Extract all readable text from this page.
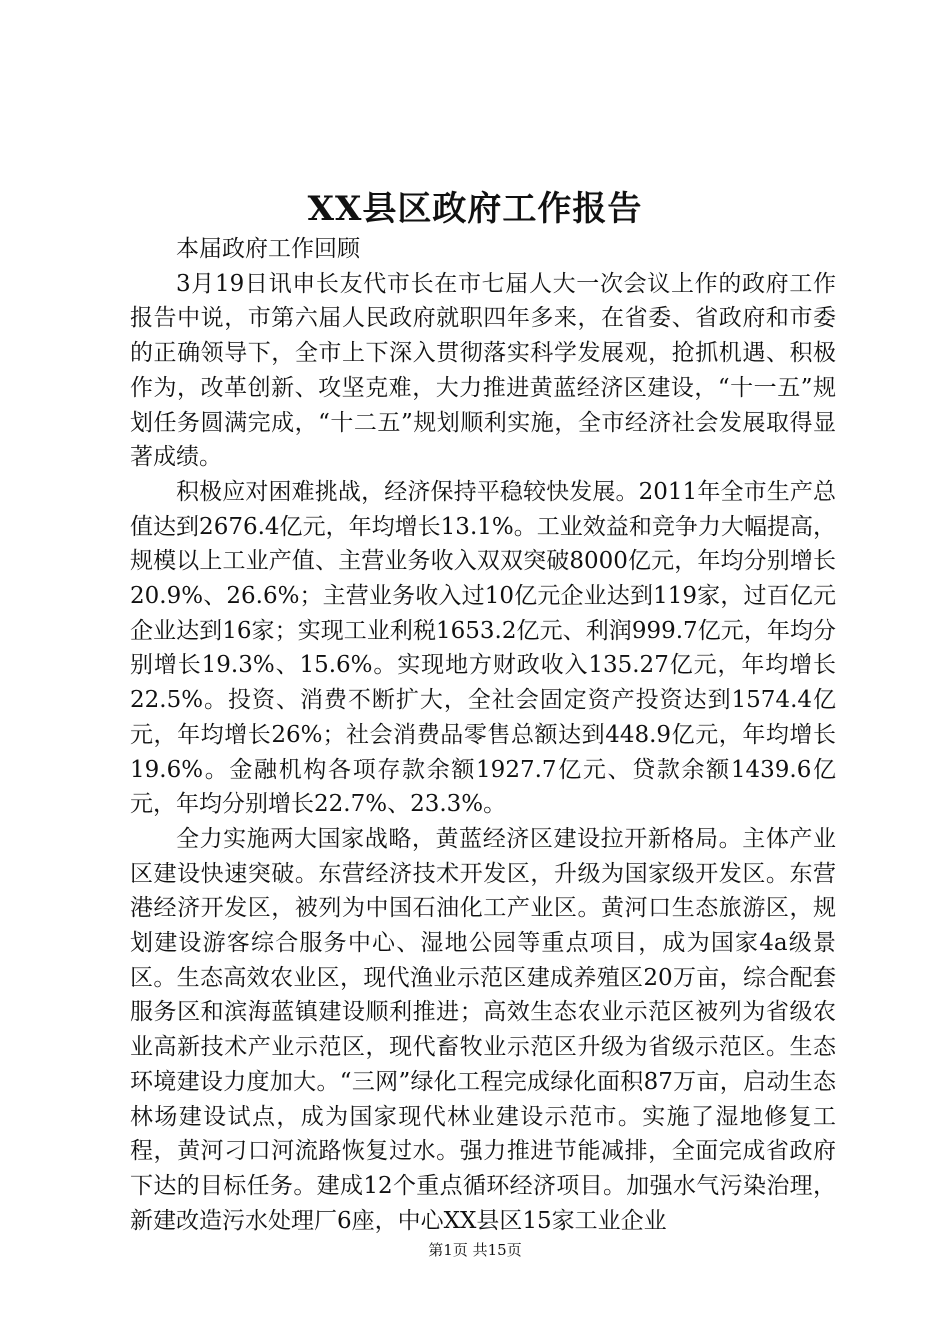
XX县区政府工作报告

本届政府工作回顾

3月19日讯申长友代市长在市七届人大一次会议上作的政府工作报告中说，市第六届人民政府就职四年多来，在省委、省政府和市委的正确领导下，全市上下深入贯彻落实科学发展观，抢抓机遇、积极作为，改革创新、攻坚克难，大力推进黄蓝经济区建设，“十一五”规划任务圆满完成，“十二五”规划顺利实施，全市经济社会发展取得显著成绩。

积极应对困难挑战，经济保持平稳较快发展。2011年全市生产总值达到2676.4亿元，年均增长13.1%。工业效益和竞争力大幅提高，规模以上工业产值、主营业务收入双双突破8000亿元，年均分别增长20.9%、26.6%；主营业务收入过10亿元企业达到119家，过百亿元企业达到16家；实现工业利税1653.2亿元、利润999.7亿元，年均分别增长19.3%、15.6%。实现地方财政收入135.27亿元，年均增长22.5%。投资、消费不断扩大，全社会固定资产投资达到1574.4亿元，年均增长26%；社会消费品零售总额达到448.9亿元，年均增长19.6%。金融机构各项存款余额1927.7亿元、贷款余额1439.6亿元，年均分别增长22.7%、23.3%。

全力实施两大国家战略，黄蓝经济区建设拉开新格局。主体产业区建设快速突破。东营经济技术开发区，升级为国家级开发区。东营港经济开发区，被列为中国石油化工产业区。黄河口生态旅游区，规划建设游客综合服务中心、湿地公园等重点项目，成为国家4a级景区。生态高效农业区，现代渔业示范区建成养殖区20万亩，综合配套服务区和滨海蓝镇建设顺利推进；高效生态农业示范区被列为省级农业高新技术产业示范区，现代畜牧业示范区升级为省级示范区。生态环境建设力度加大。“三网”绿化工程完成绿化面积87万亩，启动生态林场建设试点，成为国家现代林业建设示范市。实施了湿地修复工程，黄河刁口河流路恢复过水。强力推进节能减排，全面完成省政府下达的目标任务。建成12个重点循环经济项目。加强水气污染治理，新建改造污水处理厂6座，中心XX县区15家工业企业

第1页 共15页
